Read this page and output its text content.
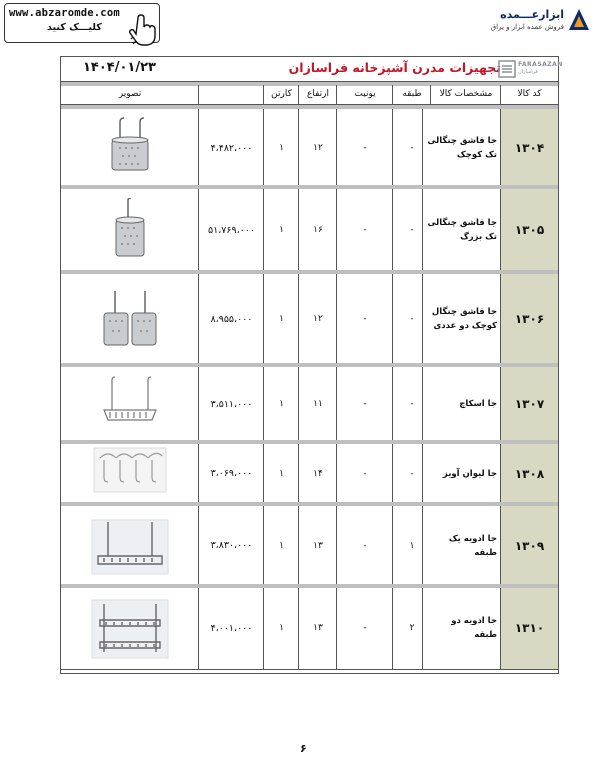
www.abzaromde.com
کلیـــک کنید
ابزارعـــمده
فروش عمده ابزار و یراق
۱۴۰۴/۰۱/۲۳	تجهیزات مدرن آشپزخانه فراسازان	FARASAZAN
فراسازان
کد کالا
مشخصات کالا
طبقه
یونیت
ارتفاع
کارتن
تصویر
۱۳۰۴
جا قاشق چنگالی تک کوچک
-
-
۱۲
۱
۴،۴۸۲،۰۰۰
۱۳۰۵
جا قاشق چنگالی تک بزرگ
-
-
۱۶
۱
۵۱،۷۶۹،۰۰۰
۱۳۰۶
جا قاشق چنگال کوچک دو عددی
-
-
۱۲
۱
۸،۹۵۵،۰۰۰
۱۳۰۷
جا اسکاچ
-
-
۱۱
۱
۳،۵۱۱،۰۰۰
۱۳۰۸
جا لیوان آویز
-
-
۱۴
۱
۳،۰۶۹،۰۰۰
۱۳۰۹
جا ادویه یک طبقه
۱
-
۱۳
۱
۳،۸۳۰،۰۰۰
۱۳۱۰
جا ادویه دو طبقه
۲
-
۱۳
۱
۴،۰۰۱،۰۰۰
۶
